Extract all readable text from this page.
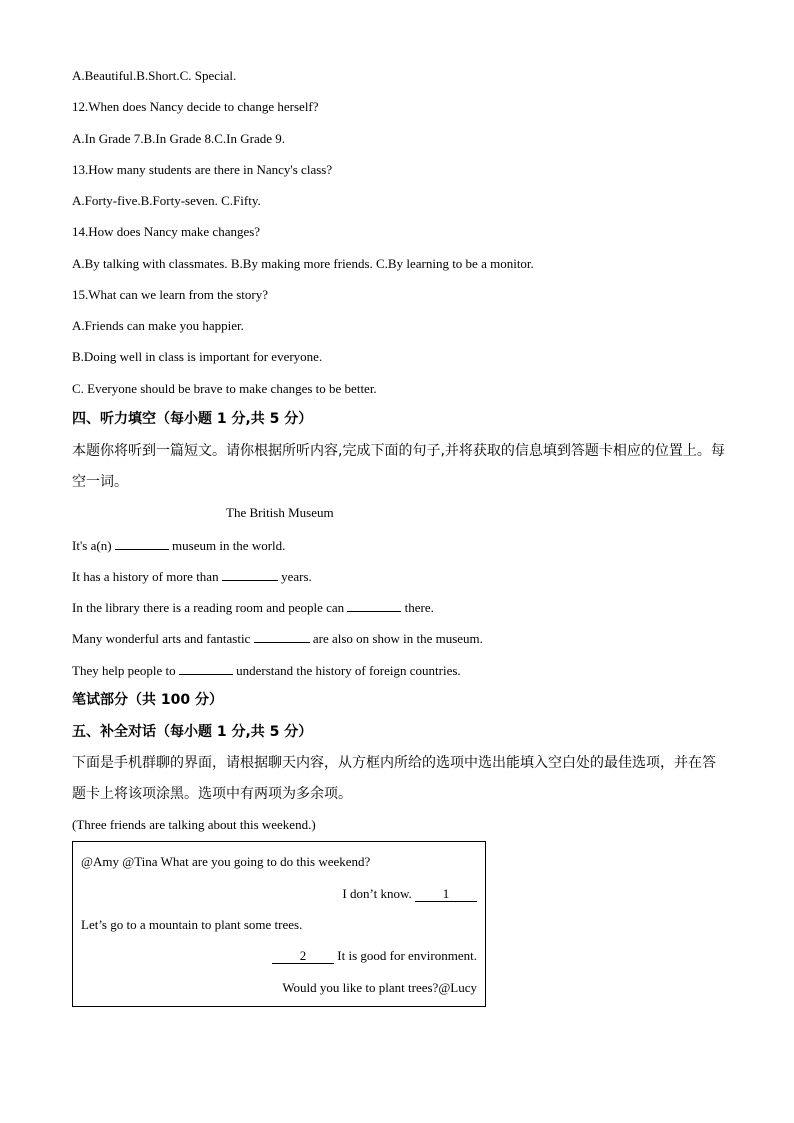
A.Beautiful.B.Short.C. Special.
12.When does Nancy decide to change herself?
A.In Grade 7.B.In Grade 8.C.In Grade 9.
13.How many students are there in Nancy's class?
A.Forty-five.B.Forty-seven. C.Fifty.
14.How does Nancy make changes?
A.By talking with classmates. B.By making more friends. C.By learning to be a monitor.
15.What can we learn from the story?
A.Friends can make you happier.
B.Doing well in class is important for everyone.
C. Everyone should be brave to make changes to be better.
四、听力填空（每小题 1 分,共 5 分）
本题你将听到一篇短文。请你根据所听内容,完成下面的句子,并将获取的信息填到答题卡相应的位置上。每
空一词。
The British Museum
It's a(n)	museum in the world.
It has a history of more than	years.
In the library there is a reading room and people can	there.
Many wonderful arts and fantastic	are also on show in the museum.
They help people to	understand the history of foreign countries.
笔试部分（共 100 分）
五、补全对话（每小题 1 分,共 5 分）
下面是手机群聊的界面，请根据聊天内容，从方框内所给的选项中选出能填入空白处的最佳选项，并在答
题卡上将该项涂黑。选项中有两项为多余项。
(Three friends are talking about this weekend.)
@Amy @Tina What are you going to do this weekend?
I don’t know. 1
Let’s go to a mountain to plant some trees.
2 It is good for environment.
Would you like to plant trees?@Lucy
